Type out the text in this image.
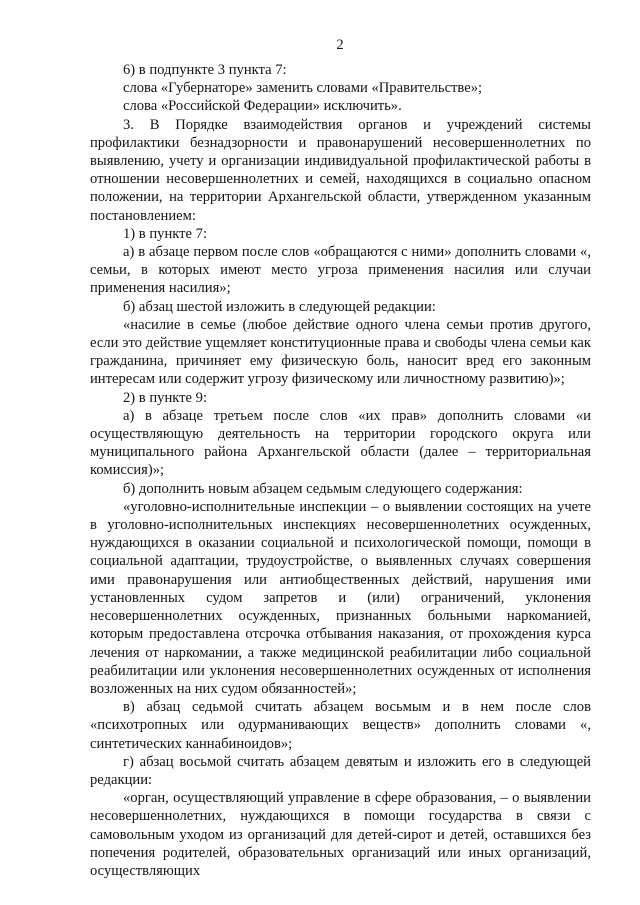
2

6) в подпункте 3 пункта 7:

слова «Губернаторе» заменить словами «Правительстве»;

слова «Российской Федерации» исключить».

3. В Порядке взаимодействия органов и учреждений системы профилактики безнадзорности и правонарушений несовершеннолетних по выявлению, учету и организации индивидуальной профилактической работы в отношении несовершеннолетних и семей, находящихся в социально опасном положении, на территории Архангельской области, утвержденном указанным постановлением:

1) в пункте 7:

а) в абзаце первом после слов «обращаются с ними» дополнить словами «, семьи, в которых имеют место угроза применения насилия или случаи применения насилия»;

б) абзац шестой изложить в следующей редакции:

«насилие в семье (любое действие одного члена семьи против другого, если это действие ущемляет конституционные права и свободы члена семьи как гражданина, причиняет ему физическую боль, наносит вред его законным интересам или содержит угрозу физическому или личностному развитию)»;

2) в пункте 9:

а) в абзаце третьем после слов «их прав» дополнить словами «и осуществляющую деятельность на территории городского округа или муниципального района Архангельской области (далее – территориальная комиссия)»;

б) дополнить новым абзацем седьмым следующего содержания:

«уголовно-исполнительные инспекции – о выявлении состоящих на учете в уголовно-исполнительных инспекциях несовершеннолетних осужденных, нуждающихся в оказании социальной и психологической помощи, помощи в социальной адаптации, трудоустройстве, о выявленных случаях совершения ими правонарушения или антиобщественных действий, нарушения ими установленных судом запретов и (или) ограничений, уклонения несовершеннолетних осужденных, признанных больными наркоманией, которым предоставлена отсрочка отбывания наказания, от прохождения курса лечения от наркомании, а также медицинской реабилитации либо социальной реабилитации или уклонения несовершеннолетних осужденных от исполнения возложенных на них судом обязанностей»;

в) абзац седьмой считать абзацем восьмым и в нем после слов «психотропных или одурманивающих веществ» дополнить словами «, синтетических каннабиноидов»;

г) абзац восьмой считать абзацем девятым и изложить его в следующей редакции:

«орган, осуществляющий управление в сфере образования, – о выявлении несовершеннолетних, нуждающихся в помощи государства в связи с самовольным уходом из организаций для детей-сирот и детей, оставшихся без попечения родителей, образовательных организаций или иных организаций, осуществляющих
